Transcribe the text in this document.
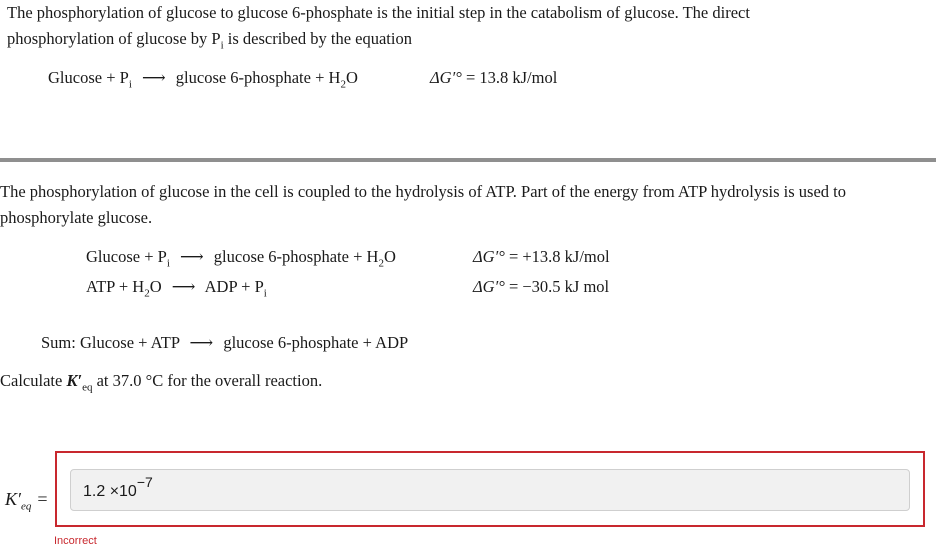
The phosphorylation of glucose to glucose 6-phosphate is the initial step in the catabolism of glucose. The direct
phosphorylation of glucose by $P_i$ is described by the equation
$Glucose + P_i$ ⟶ glucose 6-phosphate + $H_2O$	ΔG′° = 13.8 kJ/mol
The phosphorylation of glucose in the cell is coupled to the hydrolysis of ATP. Part of the energy from ATP hydrolysis is used to
phosphorylate glucose.
$Glucose + P_i$ ⟶ glucose 6-phosphate + $H_2O$	ΔG′° = +13.8 kJ/mol
ATP + $H_2O$ ⟶ ADP + $P_i$	ΔG′° = −30.5 kJ mol
Sum: Glucose + ATP ⟶ glucose 6-phosphate + ADP
Calculate $K'_{eq}$ at 37.0 °C for the overall reaction.
$K'_{eq}$ =	1.2 ×10−7
Incorrect
